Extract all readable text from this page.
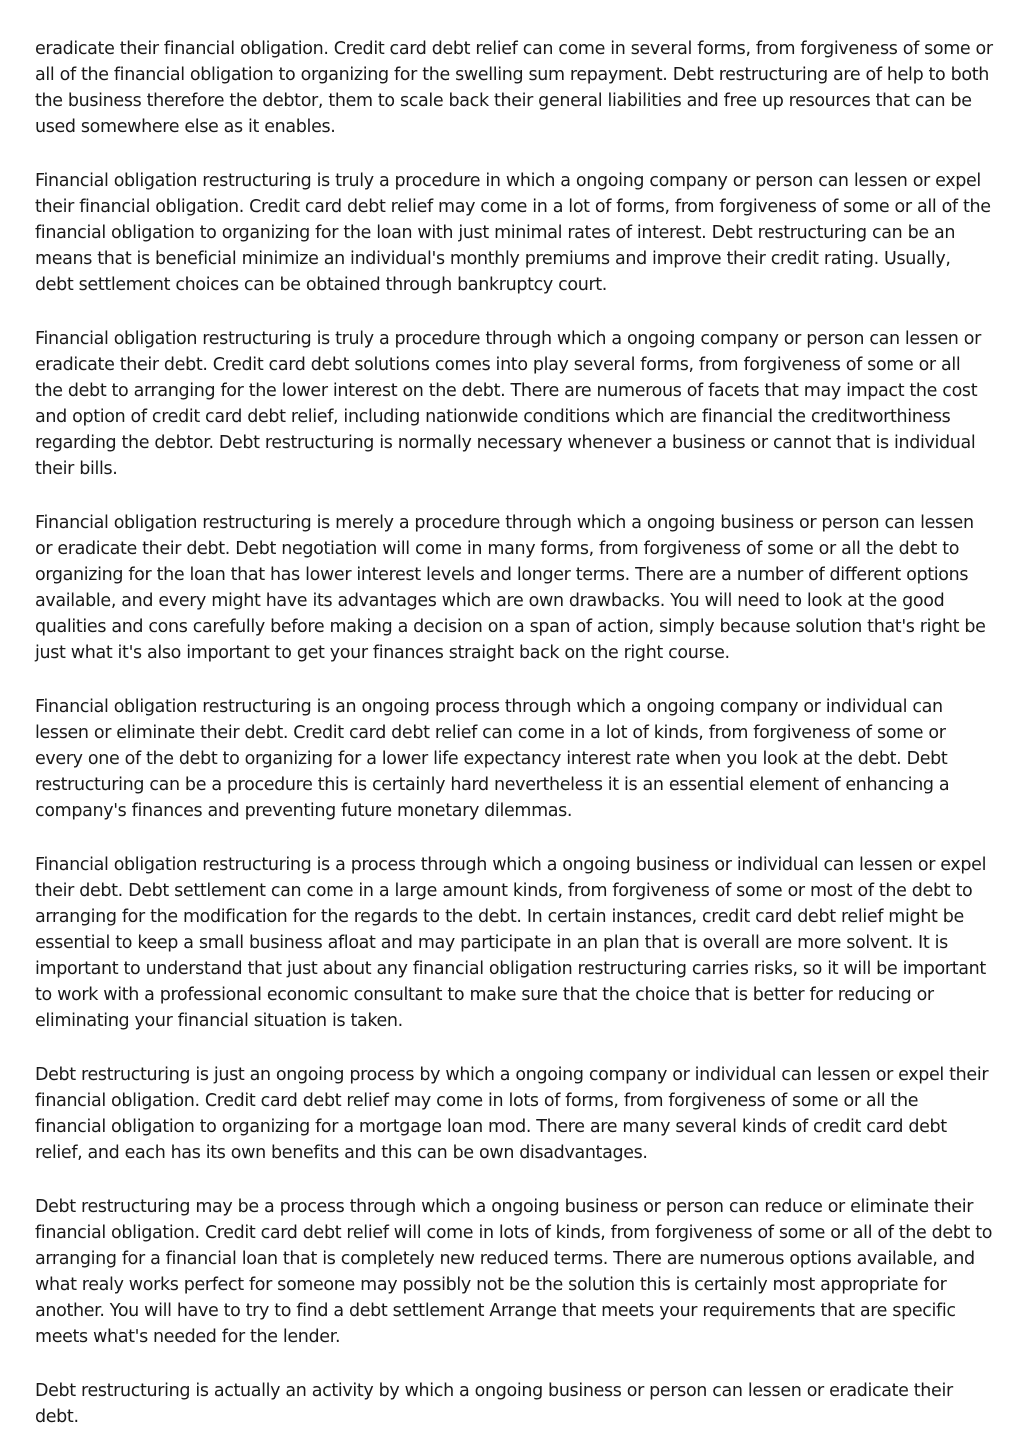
eradicate their financial obligation. Credit card debt relief can come in several forms, from forgiveness of some or all of the financial obligation to organizing for the swelling sum repayment. Debt restructuring are of help to both the business therefore the debtor, them to scale back their general liabilities and free up resources that can be used somewhere else as it enables.

Financial obligation restructuring is truly a procedure in which a ongoing company or person can lessen or expel their financial obligation. Credit card debt relief may come in a lot of forms, from forgiveness of some or all of the financial obligation to organizing for the loan with just minimal rates of interest. Debt restructuring can be an means that is beneficial minimize an individual's monthly premiums and improve their credit rating. Usually, debt settlement choices can be obtained through bankruptcy court.

Financial obligation restructuring is truly a procedure through which a ongoing company or person can lessen or eradicate their debt. Credit card debt solutions comes into play several forms, from forgiveness of some or all the debt to arranging for the lower interest on the debt. There are numerous of facets that may impact the cost and option of credit card debt relief, including nationwide conditions which are financial the creditworthiness regarding the debtor. Debt restructuring is normally necessary whenever a business or cannot that is individual their bills.

Financial obligation restructuring is merely a procedure through which a ongoing business or person can lessen or eradicate their debt. Debt negotiation will come in many forms, from forgiveness of some or all the debt to organizing for the loan that has lower interest levels and longer terms. There are a number of different options available, and every might have its advantages which are own drawbacks. You will need to look at the good qualities and cons carefully before making a decision on a span of action, simply because solution that's right be just what it's also important to get your finances straight back on the right course.

Financial obligation restructuring is an ongoing process through which a ongoing company or individual can lessen or eliminate their debt. Credit card debt relief can come in a lot of kinds, from forgiveness of some or every one of the debt to organizing for a lower life expectancy interest rate when you look at the debt. Debt restructuring can be a procedure this is certainly hard nevertheless it is an essential element of enhancing a company's finances and preventing future monetary dilemmas.

Financial obligation restructuring is a process through which a ongoing business or individual can lessen or expel their debt. Debt settlement can come in a large amount kinds, from forgiveness of some or most of the debt to arranging for the modification for the regards to the debt. In certain instances, credit card debt relief might be essential to keep a small business afloat and may participate in an plan that is overall are more solvent. It is important to understand that just about any financial obligation restructuring carries risks, so it will be important to work with a professional economic consultant to make sure that the choice that is better for reducing or eliminating your financial situation is taken.

Debt restructuring is just an ongoing process by which a ongoing company or individual can lessen or expel their financial obligation. Credit card debt relief may come in lots of forms, from forgiveness of some or all the financial obligation to organizing for a mortgage loan mod. There are many several kinds of credit card debt relief, and each has its own benefits and this can be own disadvantages.

Debt restructuring may be a process through which a ongoing business or person can reduce or eliminate their financial obligation. Credit card debt relief will come in lots of kinds, from forgiveness of some or all of the debt to arranging for a financial loan that is completely new reduced terms. There are numerous options available, and what realy works perfect for someone may possibly not be the solution this is certainly most appropriate for another. You will have to try to find a debt settlement Arrange that meets your requirements that are specific meets what's needed for the lender.

Debt restructuring is actually an activity by which a ongoing business or person can lessen or eradicate their debt.
